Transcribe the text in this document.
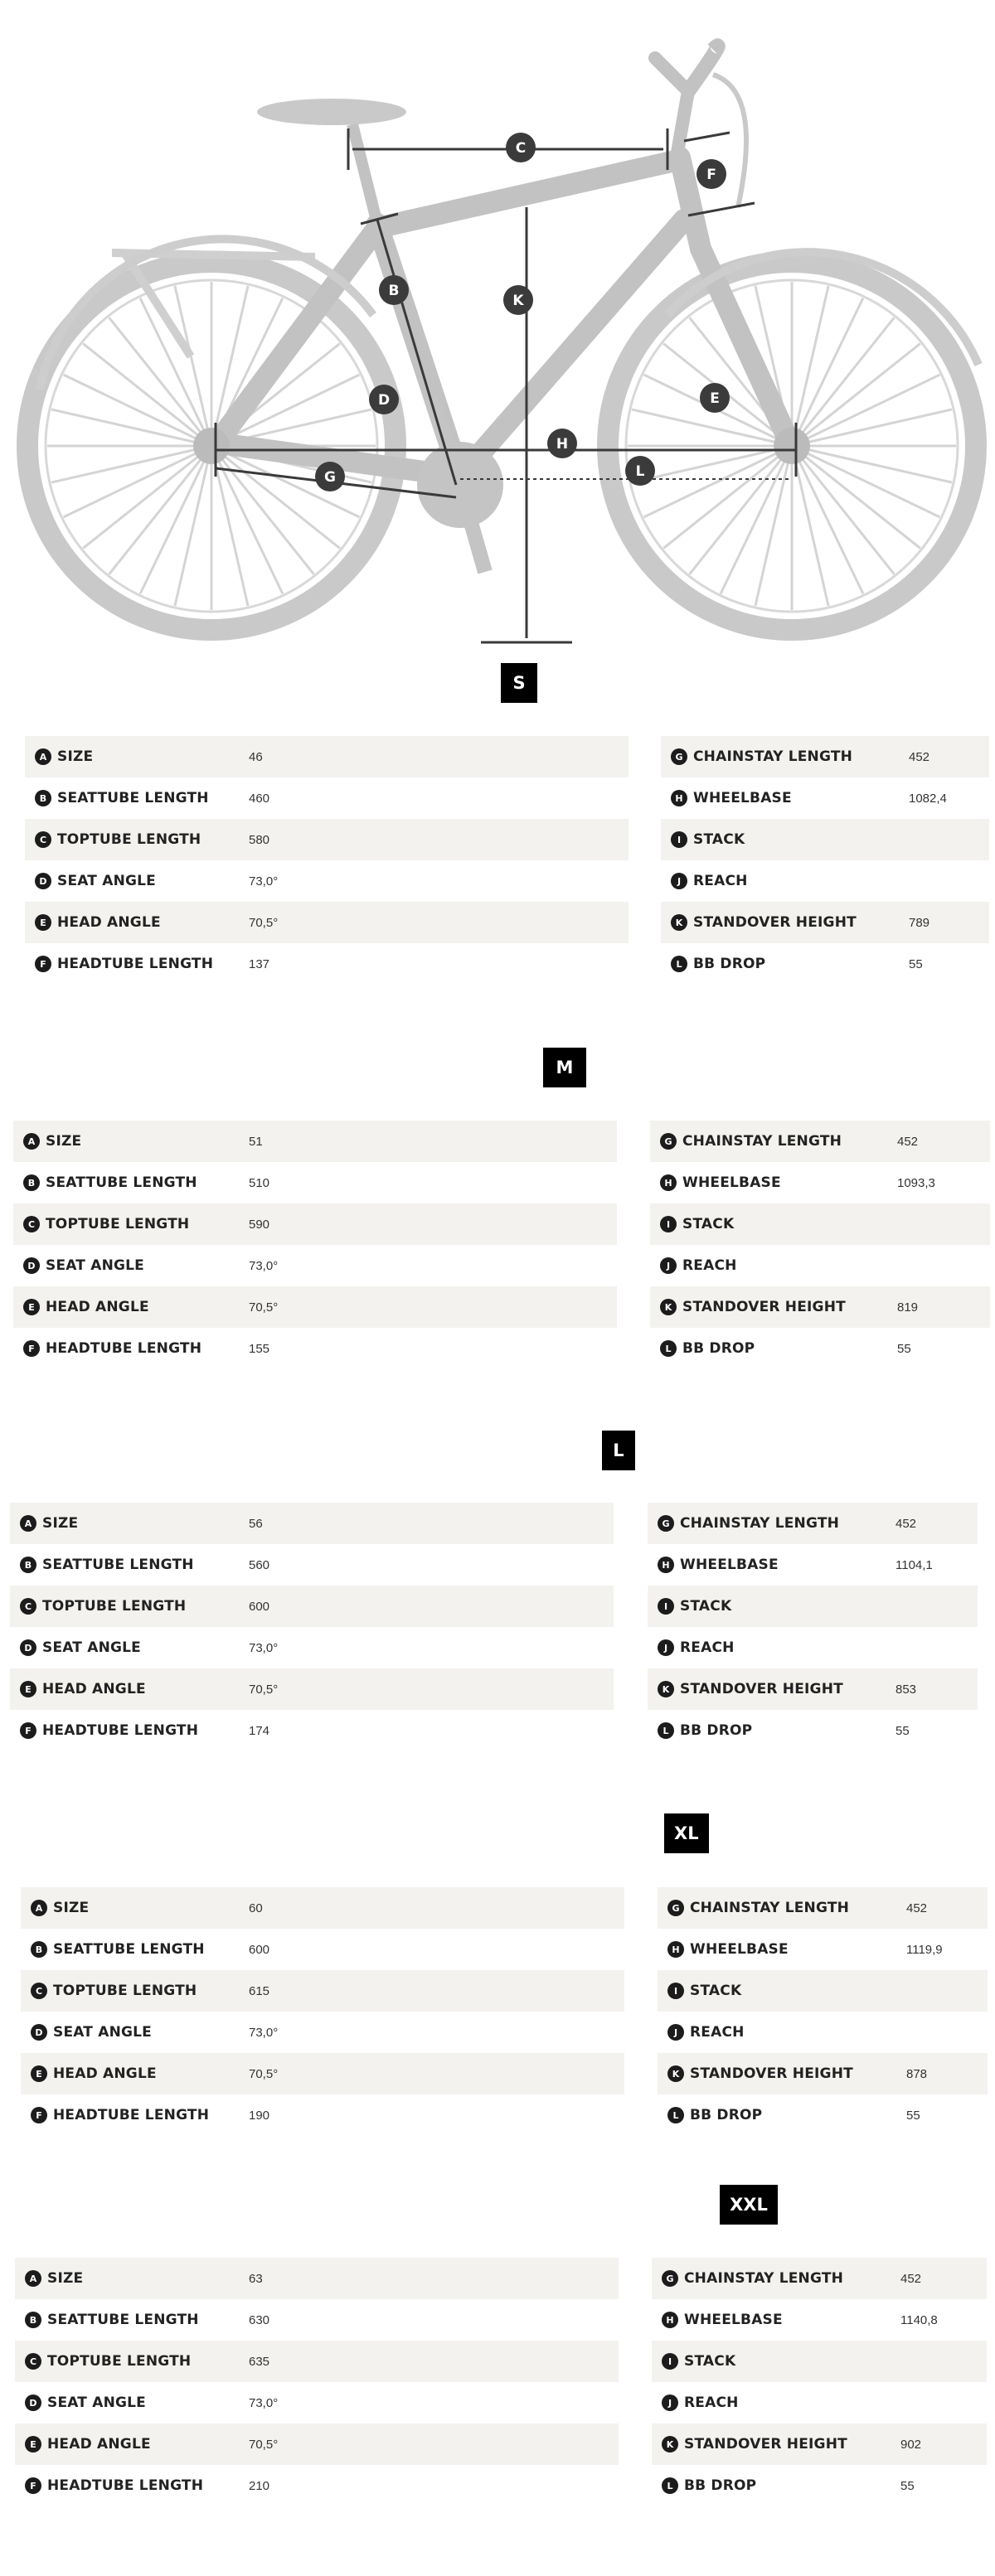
C
F
B
K
D	E
H
G	L
S
A SIZE	46
B SEATTUBE LENGTH	460
C TOPTUBE LENGTH	580
D SEAT ANGLE	73,0°
E HEAD ANGLE	70,5°
F HEADTUBE LENGTH	137
G CHAINSTAY LENGTH	452
H WHEELBASE	1082,4
I STACK
J REACH
K STANDOVER HEIGHT	789
L BB DROP	55
M
A SIZE	51
B SEATTUBE LENGTH	510
C TOPTUBE LENGTH	590
D SEAT ANGLE	73,0°
E HEAD ANGLE	70,5°
F HEADTUBE LENGTH	155
G CHAINSTAY LENGTH	452
H WHEELBASE	1093,3
I STACK
J REACH
K STANDOVER HEIGHT	819
L BB DROP	55
L
A SIZE	56
B SEATTUBE LENGTH	560
C TOPTUBE LENGTH	600
D SEAT ANGLE	73,0°
E HEAD ANGLE	70,5°
F HEADTUBE LENGTH	174
G CHAINSTAY LENGTH	452
H WHEELBASE	1104,1
I STACK
J REACH
K STANDOVER HEIGHT	853
L BB DROP	55
XL
A SIZE	60
B SEATTUBE LENGTH	600
C TOPTUBE LENGTH	615
D SEAT ANGLE	73,0°
E HEAD ANGLE	70,5°
F HEADTUBE LENGTH	190
G CHAINSTAY LENGTH	452
H WHEELBASE	1119,9
I STACK
J REACH
K STANDOVER HEIGHT	878
L BB DROP	55
XXL
A SIZE	63
B SEATTUBE LENGTH	630
C TOPTUBE LENGTH	635
D SEAT ANGLE	73,0°
E HEAD ANGLE	70,5°
F HEADTUBE LENGTH	210
G CHAINSTAY LENGTH	452
H WHEELBASE	1140,8
I STACK
J REACH
K STANDOVER HEIGHT	902
L BB DROP	55
